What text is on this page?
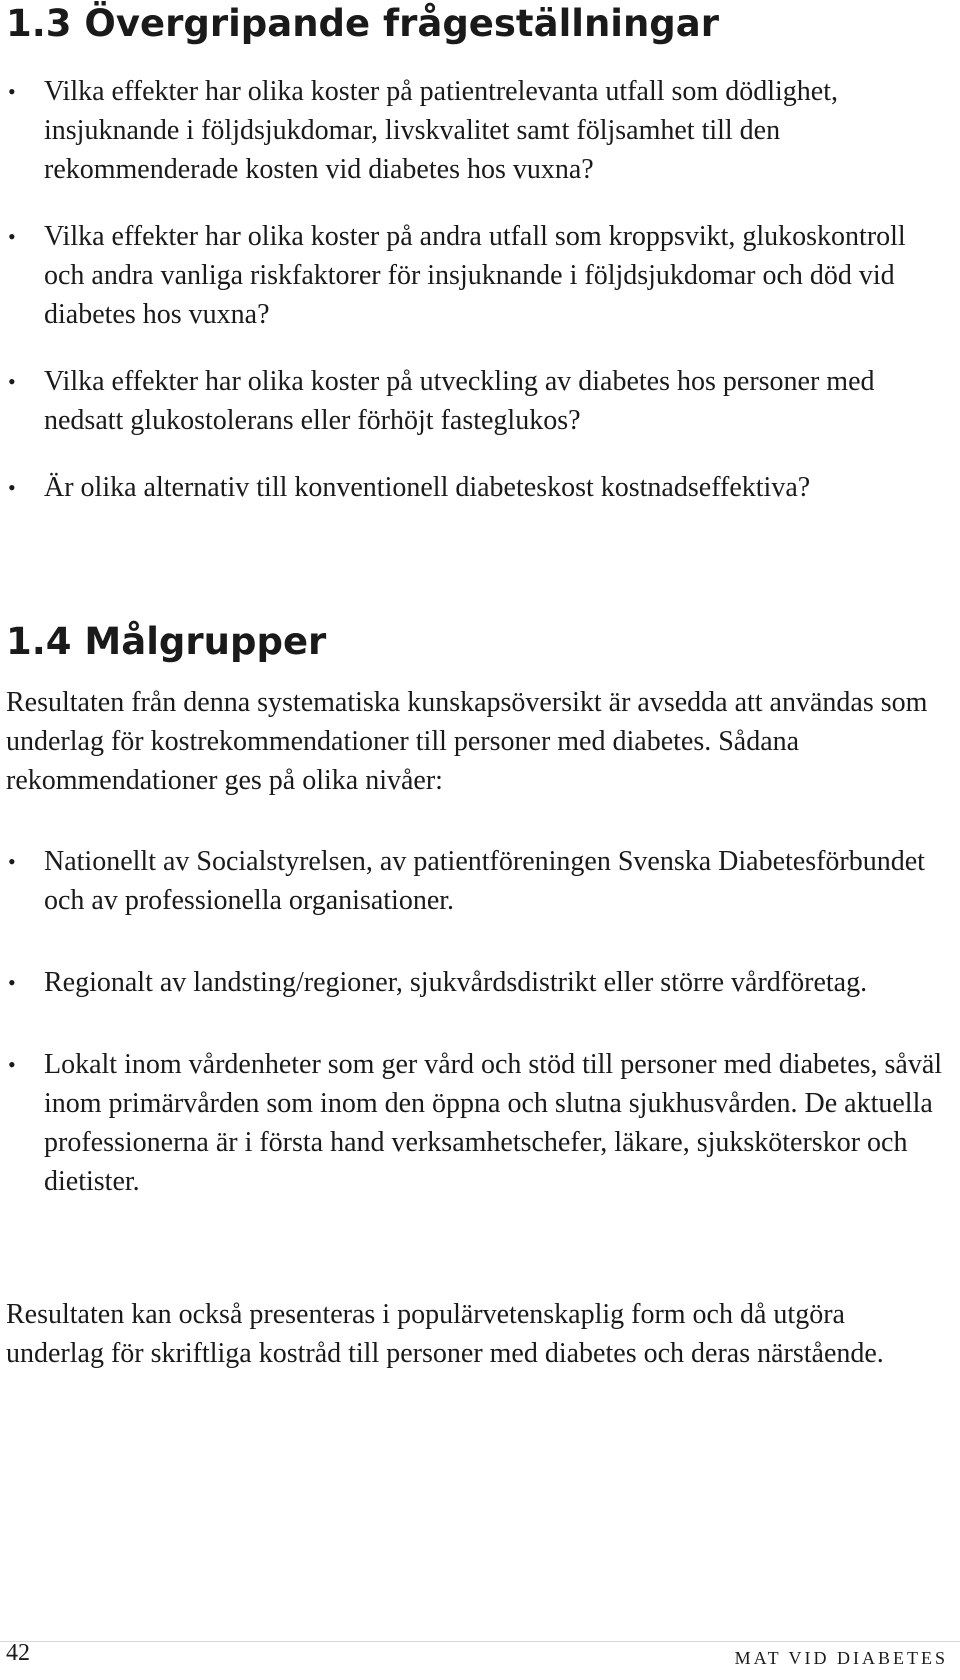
1.3 Övergripande frågeställningar
•	Vilka effekter har olika koster på patientrelevanta utfall som dödlighet, insjuknande i följdsjukdomar, livskvalitet samt följsamhet till den rekommenderade kosten vid diabetes hos vuxna?
•	Vilka effekter har olika koster på andra utfall som kroppsvikt, glukoskontroll och andra vanliga riskfaktorer för insjuknande i följdsjukdomar och död vid diabetes hos vuxna?
•	Vilka effekter har olika koster på utveckling av diabetes hos personer med nedsatt glukostolerans eller förhöjt fasteglukos?
•	Är olika alternativ till konventionell diabeteskost kostnadseffektiva?
1.4 Målgrupper

Resultaten från denna systematiska kunskapsöversikt är avsedda att användas som underlag för kostrekommendationer till personer med diabetes. Sådana rekommendationer ges på olika nivåer:

•	Nationellt av Socialstyrelsen, av patientföreningen Svenska Diabetesförbundet och av professionella organisationer.
•	Regionalt av landsting/regioner, sjukvårdsdistrikt eller större vårdföretag.
•	Lokalt inom vårdenheter som ger vård och stöd till personer med diabetes, såväl inom primärvården som inom den öppna och slutna sjukhusvården. De aktuella professionerna är i första hand verksamhetschefer, läkare, sjuksköterskor och dietister.

Resultaten kan också presenteras i populärvetenskaplig form och då utgöra underlag för skriftliga kostråd till personer med diabetes och deras närstående.

42	MAT VID DIABETES
